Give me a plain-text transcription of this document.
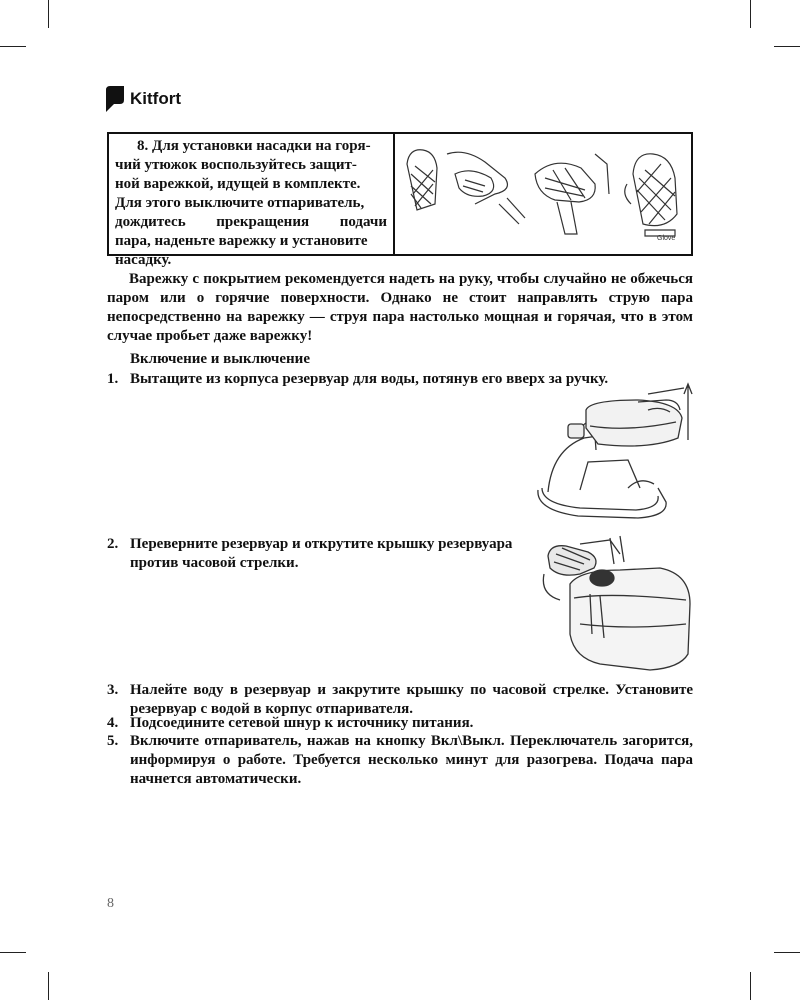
Kitfort
8. Для установки насадки на горя-
чий утюжок воспользуйтесь защит-
ной варежкой, идущей в комплекте.
Для этого выключите отпариватель,
дождитесь прекращения подачи
пара, наденьте варежку и установите
насадку.
Glove
Варежку с покрытием рекомендуется надеть на руку, чтобы случайно не обжечься паром или о горячие поверхности. Однако не стоит направлять струю пара непосредственно на варежку — струя пара настолько мощная и горячая, что в этом случае пробьет даже варежку!
Включение и выключение
1. Вытащите из корпуса резервуар для воды, потянув его вверх за ручку.
2. Переверните резервуар и открутите крышку резервуара против часовой стрелки.
3. Налейте воду в резервуар и закрутите крышку по часовой стрелке. Установите резервуар с водой в корпус отпаривателя.
4. Подсоедините сетевой шнур к источнику питания.
5. Включите отпариватель, нажав на кнопку Вкл\Выкл. Переключатель загорится, информируя о работе. Требуется несколько минут для разогрева. Подача пара начнется автоматически.
8
